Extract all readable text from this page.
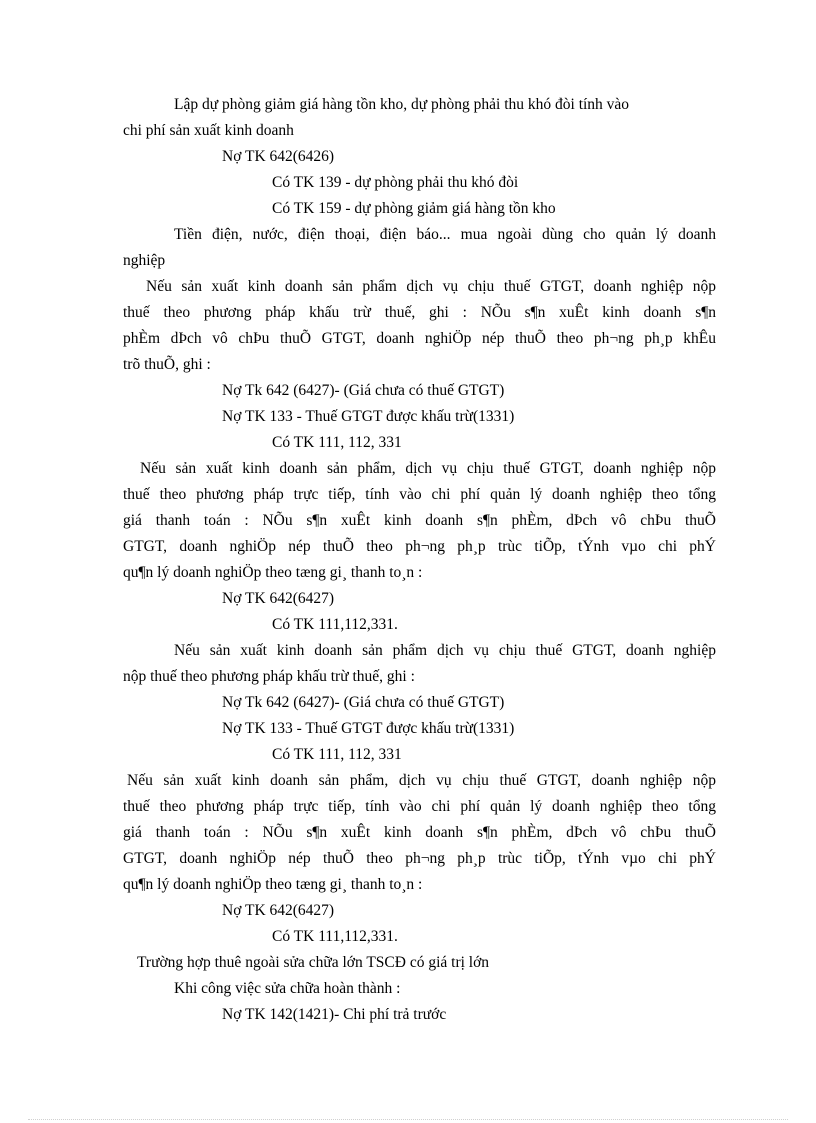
Lập dự phòng giảm giá hàng tồn kho, dự phòng phải thu khó đòi tính vào
chi phí sản xuất kinh doanh
Nợ TK 642(6426)
Có TK 139 - dự phòng phải thu khó đòi
Có TK 159 - dự phòng giảm giá hàng tồn kho
Tiền điện, nước, điện thoại, điện báo... mua ngoài dùng cho quản lý doanh
nghiệp
Nếu sản xuất kinh doanh sản phẩm dịch vụ chịu thuế GTGT, doanh nghiệp nộp
thuế theo phương pháp khấu trừ thuế, ghi : NÕu s¶n xuÊt kinh doanh s¶n
phÈm dÞch vô chÞu thuÕ GTGT, doanh nghiÖp nép thuÕ theo ph¬ng ph¸p khÊu
trõ thuÕ, ghi :
Nợ Tk 642 (6427)- (Giá chưa có thuế GTGT)
Nợ TK 133 - Thuế GTGT được khấu trừ(1331)
Có TK 111, 112, 331
Nếu sản xuất kinh doanh sản phẩm, dịch vụ chịu thuế GTGT, doanh nghiệp nộp
thuế theo phương pháp trực tiếp, tính vào chi phí quản lý doanh nghiệp theo tổng
giá thanh toán : NÕu s¶n xuÊt kinh doanh s¶n phÈm, dÞch vô chÞu thuÕ
GTGT, doanh nghiÖp nép thuÕ theo ph¬ng ph¸p trùc tiÕp, tÝnh vµo chi phÝ
qu¶n lý doanh nghiÖp theo tæng gi¸ thanh to¸n :
Nợ TK 642(6427)
Có TK 111,112,331.
Nếu sản xuất kinh doanh sản phẩm dịch vụ chịu thuế GTGT, doanh nghiệp
nộp thuế theo phương pháp khấu trừ thuế, ghi :
Nợ Tk 642 (6427)- (Giá chưa có thuế GTGT)
Nợ TK 133 - Thuế GTGT được khấu trừ(1331)
Có TK 111, 112, 331
Nếu sản xuất kinh doanh sản phẩm, dịch vụ chịu thuế GTGT, doanh nghiệp nộp
thuế theo phương pháp trực tiếp, tính vào chi phí quản lý doanh nghiệp theo tổng
giá thanh toán : NÕu s¶n xuÊt kinh doanh s¶n phÈm, dÞch vô chÞu thuÕ
GTGT, doanh nghiÖp nép thuÕ theo ph¬ng ph¸p trùc tiÕp, tÝnh vµo chi phÝ
qu¶n lý doanh nghiÖp theo tæng gi¸ thanh to¸n :
Nợ TK 642(6427)
Có TK 111,112,331.
Trường hợp thuê ngoài sửa chữa lớn TSCĐ có giá trị lớn
Khi công việc sửa chữa hoàn thành :
Nợ TK 142(1421)- Chi phí trả trước
